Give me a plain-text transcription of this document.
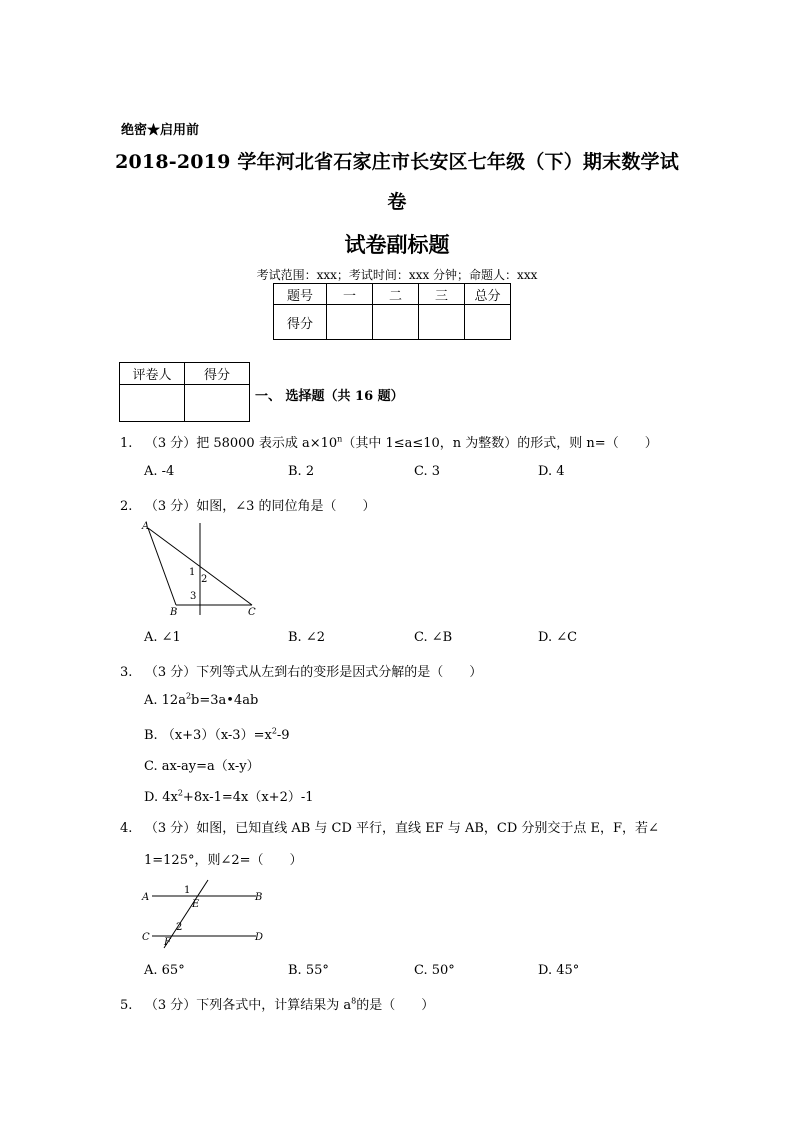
绝密★启用前
2018-2019 学年河北省石家庄市长安区七年级（下）期末数学试
卷
试卷副标题
考试范围：xxx；考试时间：xxx 分钟；命题人：xxx
题号	一	二	三	总分
得分				
评卷人	得分

一、 选择题（共 16 题）
1. （3 分）把 58000 表示成 $a\times 10^n$（其中 1≤a≤10，n 为整数）的形式，则 n=（　　）
A. -4	B. 2	C. 3	D. 4
2. （3 分）如图，∠3 的同位角是（　　）
A
B	C
1
2
3
A. ∠1	B. ∠2	C. ∠B	D. ∠C
3. （3 分）下列等式从左到右的变形是因式分解的是（　　）
A. $12a^2b=3a•4ab$
B. $(x+3)(x-3)=x^2-9$
C. ax-ay=a（x-y）
D. $4x^2+8x-1=4x(x+2)-1$
4. （3 分）如图，已知直线 AB 与 CD 平行，直线 EF 与 AB，CD 分别交于点 E，F，若∠
1=125°，则∠2=（　　）
A	B
C	D
E
F
1
2
A. 65°	B. 55°	C. 50°	D. 45°
5. （3 分）下列各式中，计算结果为 $a^8$的是（　　）
